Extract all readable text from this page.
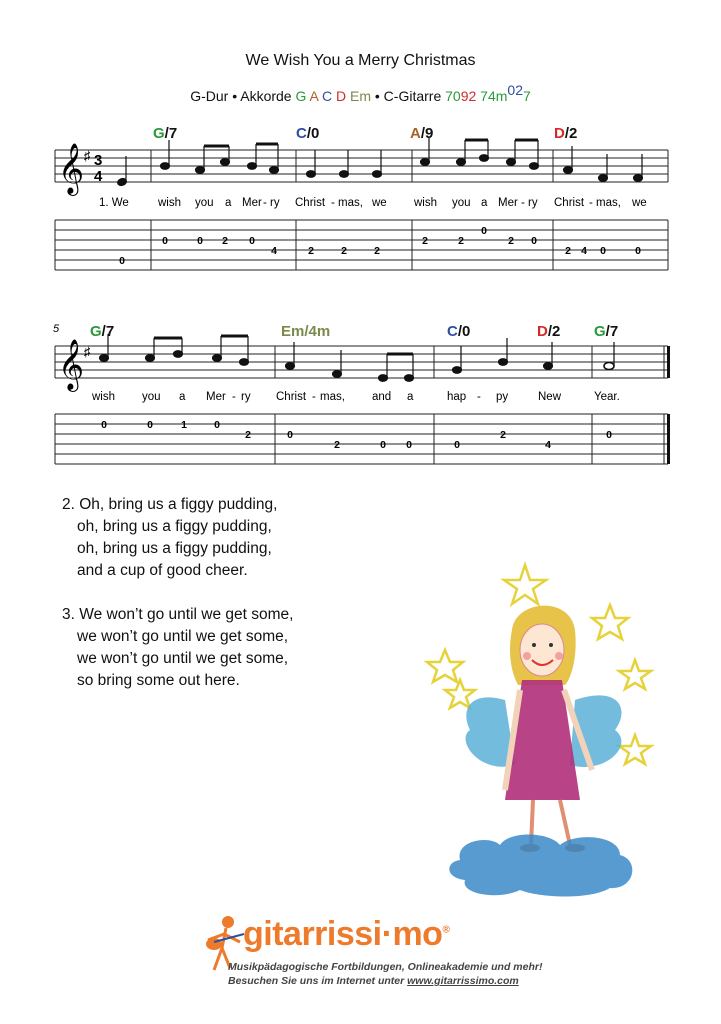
We Wish You a Merry Christmas
G-Dur • Akkorde G A C D Em • C-Gitarre 7092 74m027
G/7	C/0	A/9	D/2
𝄞 ♯ 3
4
1. We	wish you a Mer - ry Christ - mas, we wish you a Mer - ry Christ - mas, we
0
0	0 2 0
4	2	2	2
2	2
0
2 0
2 4 0	0
5 G/7	Em/4m	C/0	D/2 G/7
𝄞 ♯
wish you a Mer - ry Christ - mas, and a	hap - py	New	Year.
0	0	1	0
2	0
2	0 0	0
2
4
0
2. Oh, bring us a figgy pudding,
oh, bring us a figgy pudding,
oh, bring us a figgy pudding,
and a cup of good cheer.
3. We won’t go until we get some,
we won’t go until we get some,
we won’t go until we get some,
so bring some out here.
gitarrissi·mo®
Musikpädagogische Fortbildungen, Onlineakademie und mehr!
Besuchen Sie uns im Internet unter www.gitarrissimo.com
